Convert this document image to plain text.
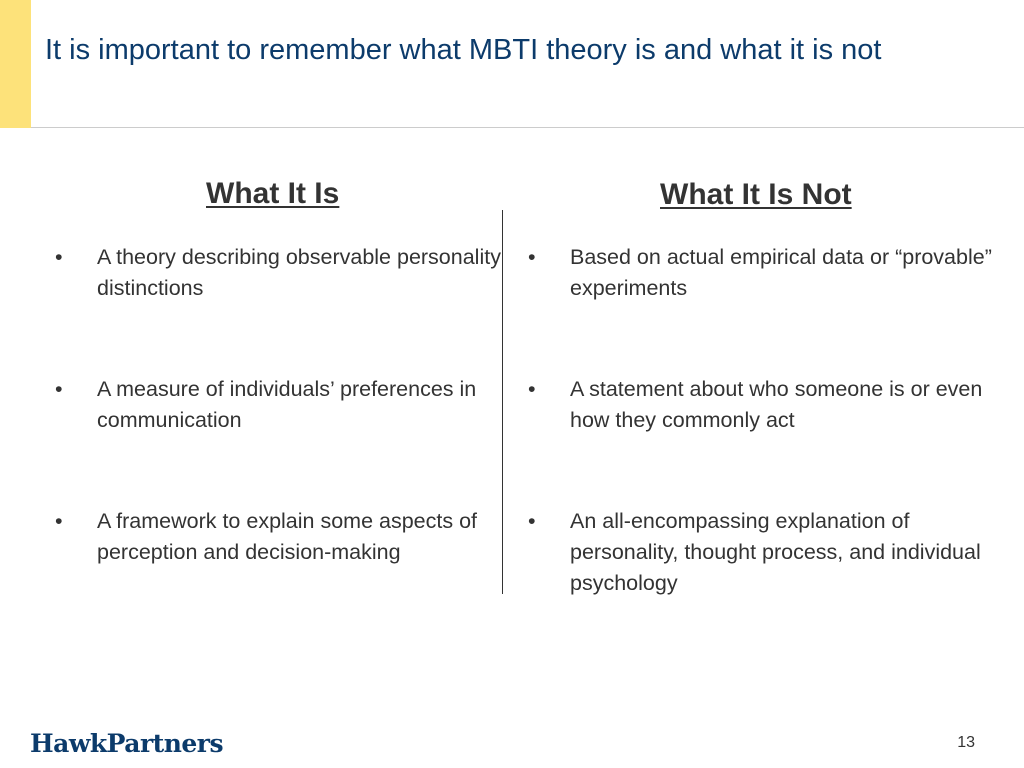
It is important to remember what MBTI theory is and what it is not
What It Is	What It Is Not
• A theory describing observable personality distinctions
• A measure of individuals’ preferences in communication
• A framework to explain some aspects of perception and decision-making
• Based on actual empirical data or “provable” experiments
• A statement about who someone is or even how they commonly act
• An all-encompassing explanation of personality, thought process, and individual psychology
HawkPartners	13
